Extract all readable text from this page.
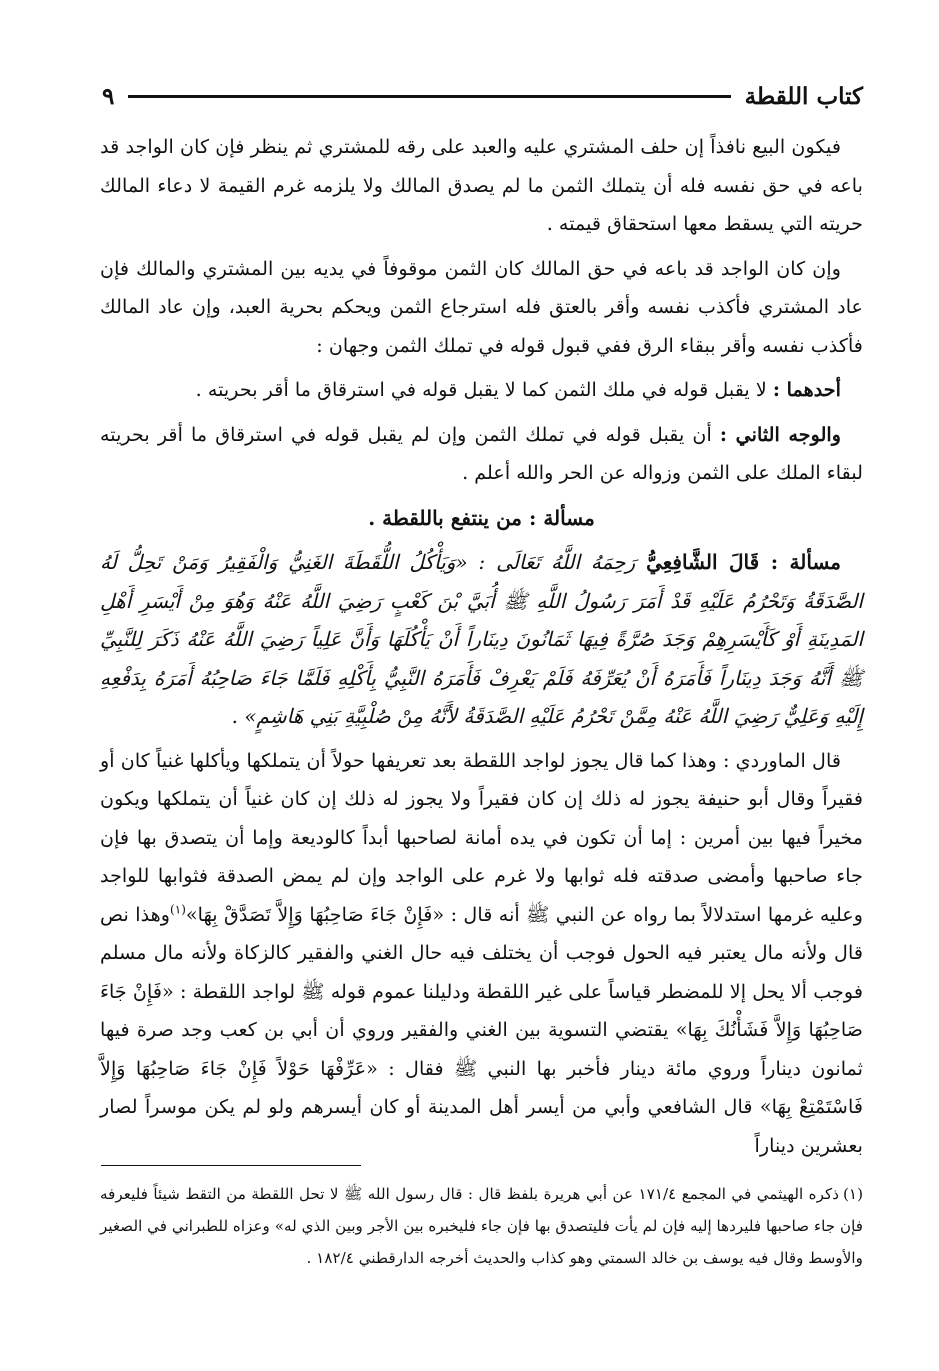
كتاب اللقطة
٩

فيكون البيع نافذاً إن حلف المشتري عليه والعبد على رقه للمشتري ثم ينظر فإن كان الواجد قد باعه في حق نفسه فله أن يتملك الثمن ما لم يصدق المالك ولا يلزمه غرم القيمة لا دعاء المالك حريته التي يسقط معها استحقاق قيمته .

وإن كان الواجد قد باعه في حق المالك كان الثمن موقوفاً في يديه بين المشتري والمالك فإن عاد المشتري فأكذب نفسه وأقر بالعتق فله استرجاع الثمن ويحكم بحرية العبد، وإن عاد المالك فأكذب نفسه وأقر ببقاء الرق ففي قبول قوله في تملك الثمن وجهان :

أحدهما : لا يقبل قوله في ملك الثمن كما لا يقبل قوله في استرقاق ما أقر بحريته .

والوجه الثاني : أن يقبل قوله في تملك الثمن وإن لم يقبل قوله في استرقاق ما أقر بحريته لبقاء الملك على الثمن وزواله عن الحر والله أعلم .

مسألة : من ينتفع باللقطة .

مسألة : قَالَ الشَّافِعِيُّ رَحِمَهُ اللَّهُ تَعَالَى : «وَيَأْكُلُ اللُّقَطَةَ الغَنِيُّ وَالْفَقِيرُ وَمَنْ تَحِلُّ لَهُ الصَّدَقَةُ وَتَحْرُمُ عَلَيْهِ قَدْ أَمَرَ رَسُولُ اللَّهِ ﷺ أُبَيَّ بْنَ كَعْبٍ رَضِيَ اللَّهُ عَنْهُ وَهُوَ مِنْ أَيْسَرِ أَهْلِ المَدِينَةِ أَوْ كَأَيْسَرِهِمْ وَجَدَ صُرَّةً فِيهَا ثَمَانُونَ دِينَاراً أَنْ يَأْكُلَهَا وَأَنَّ عَلِياً رَضِيَ اللَّهُ عَنْهُ ذَكَرَ لِلنَّبِيِّ ﷺ أَنَّهُ وَجَدَ دِينَاراً فَأَمَرَهُ أَنْ يُعَرِّفَهُ فَلَمْ يَعْرِفْ فَأَمَرَهُ النَّبِيُّ بِأَكْلِهِ فَلَمَّا جَاءَ صَاحِبُهُ أَمَرَهُ بِدَفْعِهِ إِلَيْهِ وَعَلِيٌّ رَضِيَ اللَّهُ عَنْهُ مِمَّنْ تَحْرُمُ عَلَيْهِ الصَّدَقَةُ لأَنَّهُ مِنْ صُلْبِيَّةِ بَنِي هَاشِمٍ» .

قال الماوردي : وهذا كما قال يجوز لواجد اللقطة بعد تعريفها حولاً أن يتملكها ويأكلها غنياً كان أو فقيراً وقال أبو حنيفة يجوز له ذلك إن كان فقيراً ولا يجوز له ذلك إن كان غنياً أن يتملكها ويكون مخيراً فيها بين أمرين : إما أن تكون في يده أمانة لصاحبها أبداً كالوديعة وإما أن يتصدق بها فإن جاء صاحبها وأمضى صدقته فله ثوابها ولا غرم على الواجد وإن لم يمض الصدقة فثوابها للواجد وعليه غرمها استدلالاً بما رواه عن النبي ﷺ أنه قال : «فَإِنْ جَاءَ صَاحِبُهَا وَإِلاَّ تَصَدَّقْ بِهَا»$^{(١)}$وهذا نص قال ولأنه مال يعتبر فيه الحول فوجب أن يختلف فيه حال الغني والفقير كالزكاة ولأنه مال مسلم فوجب ألا يحل إلا للمضطر قياساً على غير اللقطة ودليلنا عموم قوله ﷺ لواجد اللقطة : «فَإِنْ جَاءَ صَاحِبُهَا وَإِلاَّ فَشَأْنُكَ بِهَا» يقتضي التسوية بين الغني والفقير وروي أن أبي بن كعب وجد صرة فيها ثمانون ديناراً وروي مائة دينار فأخبر بها النبي ﷺ فقال : «عَرِّفْهَا حَوْلاً فَإِنْ جَاءَ صَاحِبُهَا وَإِلاَّ فَاسْتَمْتِعْ بِهَا» قال الشافعي وأبي من أيسر أهل المدينة أو كان أيسرهم ولو لم يكن موسراً لصار بعشرين ديناراً

(١)ذكره الهيثمي في المجمع ١٧١/٤ عن أبي هريرة بلفظ قال : قال رسول الله ﷺ لا تحل اللقطة من التقط شيئاً فليعرفه فإن جاء صاحبها فليردها إليه فإن لم يأت فليتصدق بها فإن جاء فليخبره بين الأجر وبين الذي له» وعزاه للطبراني في الصغير والأوسط وقال فيه يوسف بن خالد السمتي وهو كذاب والحديث أخرجه الدارقطني ١٨٢/٤ .
